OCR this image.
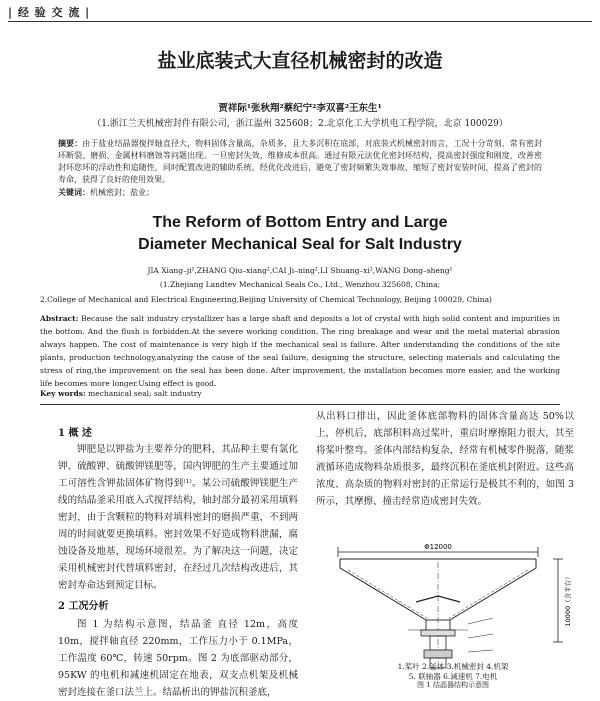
| 经 验 交 流 |
盐业底装式大直径机械密封的改造
贾祥际¹张秋翔²蔡纪宁²李双喜²王东生¹
（1.浙江兰天机械密封件有限公司，浙江温州 325608；2.北京化工大学机电工程学院，北京 100029）
摘要：由于盐业结晶器搅拌轴直径大，物料固体含量高，杂质多，且大多沉积在底部，对底装式机械密封而言，工况十分苛刻，常有密封环断裂、磨损、金属材料磨蚀等问题出现。一旦密封失效，维修成本很高。通过有限元法优化密封环结构，提高密封强度和刚度，改善密封环您环的浮动性和追随性，同时配置改进的辅助系统。经优化改进后，避免了密封频繁失效事故，缩短了密封安装时间，提高了密封的寿命，获得了良好的使用效果。
关键词：机械密封；盐业；
The Reform of Bottom Entry and Large
Diameter Mechanical Seal for Salt Industry
JIA Xiang–ji¹,ZHANG Qiu–xiang²,CAI Ji–ning²,LI Shuang–xi²,WANG Dong–sheng¹
(1.Zhejiang Landtev Mechanical Seals Co., Ltd., Wenzhou 325608, China;
2.College of Mechanical and Electrical Engineering,Beijing University of Chemical Technology, Beijing 100029, China)
Abstract: Because the salt industry crystallizer has a large shaft and deposits a lot of crystal with high solid content and impurities in the bottom. And the flush is forbidden.At the severe working condition, The ring breakage and wear and the metal material abrasion always happen. The cost of maintenance is very high if the mechanical seal is failure. After understanding the conditions of the site plants, production technology,analyzing the cause of the seal failure, designing the structure, selecting materials and calculating the stress of ring,the improvement on the seal has been done. After improvement, the installation becomes more easier, and the working life becomes more longer.Using effect is good.
Key words: mechanical seal; salt industry
1 概 述

钾肥是以钾盐为主要养分的肥料，其品种主要有氯化钾、硫酸钾、硫酸钾镁肥等，国内钾肥的生产主要通过加工可溶性含钾盐固体矿物得到⁽¹⁾。某公司硫酸钾镁肥生产线的结晶釜采用底入式搅拌结构，轴封部分最初采用填料密封，由于含颗粒的物料对填料密封的磨损严重，不到两周的时间就要更换填料。密封效果不好造成物料泄漏，腐蚀设备及地基，现场环境很差。为了解决这一问题，决定采用机械密封代替填料密封，在经过几次结构改进后，其密封寿命达到预定目标。

2 工况分析

图 1 为结构示意图，结晶釜 直径 12m，高度 10m，搅拌轴直径 220mm，工作压力小于 0.1MPa，工作温度 60℃，转速 50rpm。图 2 为底部驱动部分，95KW 的电机和减速机固定在地表，双支点机架及机械密封连接在釜口法兰上。结晶析出的钾盐沉积釜底，

从出料口排出，因此釜体底部物料的固体含量高达 50%以上，停机后，底部积料高过桨叶，重启时摩擦阻力很大，其至将桨叶整弯。釜体内部结构复杂，经常有机械零件脱落，随浆液循环造成物料杂质很多，最终沉积在釜底机封附近。这些高浓度、高杂质的物料对密封的正常运行是极其不利的，如图 3 所示，其摩擦、撞击经常造成密封失效。

Φ12000
10000（含平台）
1.桨叶 2.釜体 3.机械密封 4.机架
5. 联轴器 6.减速机 7.电机
图 1 结晶器结构示意图
